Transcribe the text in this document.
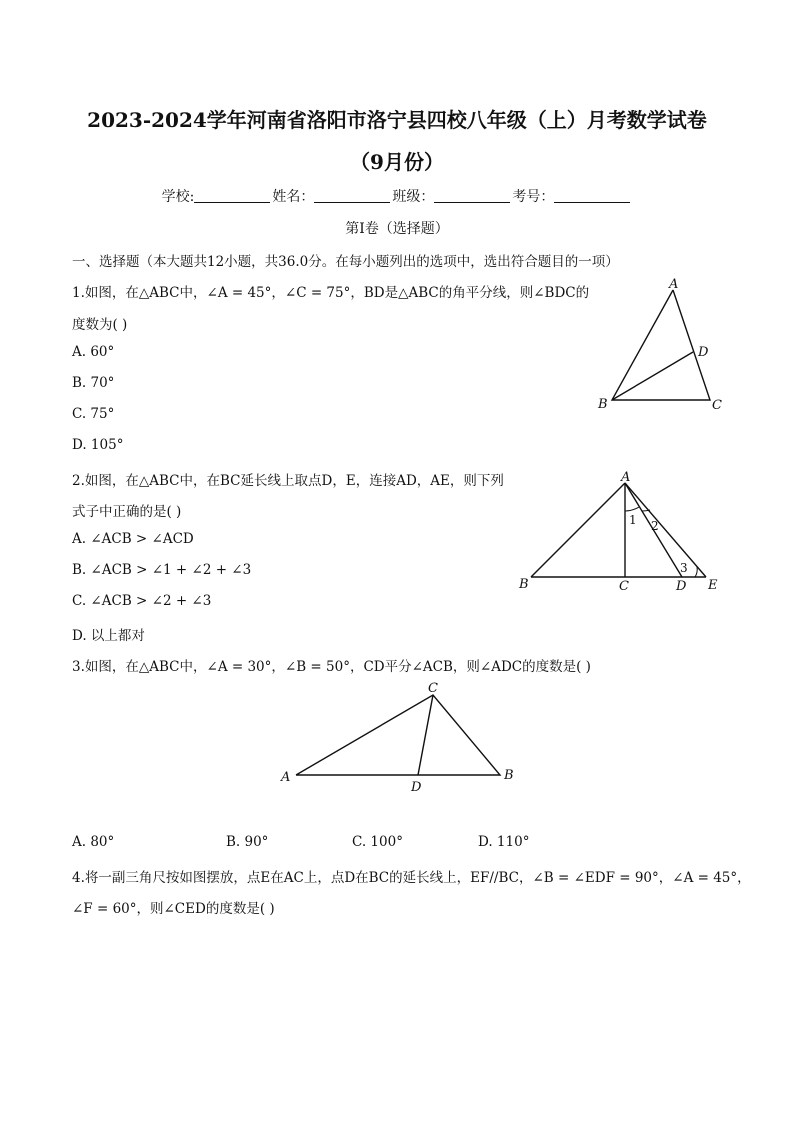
2023-2024学年河南省洛阳市洛宁县四校八年级（上）月考数学试卷
（9月份）
学校:	姓名：	班级：	考号：
第Ⅰ卷（选择题）
一、选择题（本大题共12小题，共36.0分。在每小题列出的选项中，选出符合题目的一项）
1.如图，在△ABC中，∠A = 45°，∠C = 75°，BD是△ABC的角平分线，则∠BDC的
度数为( )
A. 60°
B. 70°
C. 75°
D. 105°
A
B	C
D
2.如图，在△ABC中，在BC延长线上取点D，E，连接AD，AE，则下列
式子中正确的是( )
A. ∠ACB > ∠ACD
B. ∠ACB > ∠1 + ∠2 + ∠3
C. ∠ACB > ∠2 + ∠3
D. 以上都对
A
B	C	D E
1 2
3
3.如图，在△ABC中，∠A = 30°，∠B = 50°，CD平分∠ACB，则∠ADC的度数是( )
C
A	B
D
A. 80°	B. 90°	C. 100°	D. 110°
4.将一副三角尺按如图摆放，点E在AC上，点D在BC的延长线上，EF//BC，∠B = ∠EDF = 90°，∠A = 45°，
∠F = 60°，则∠CED的度数是( )
